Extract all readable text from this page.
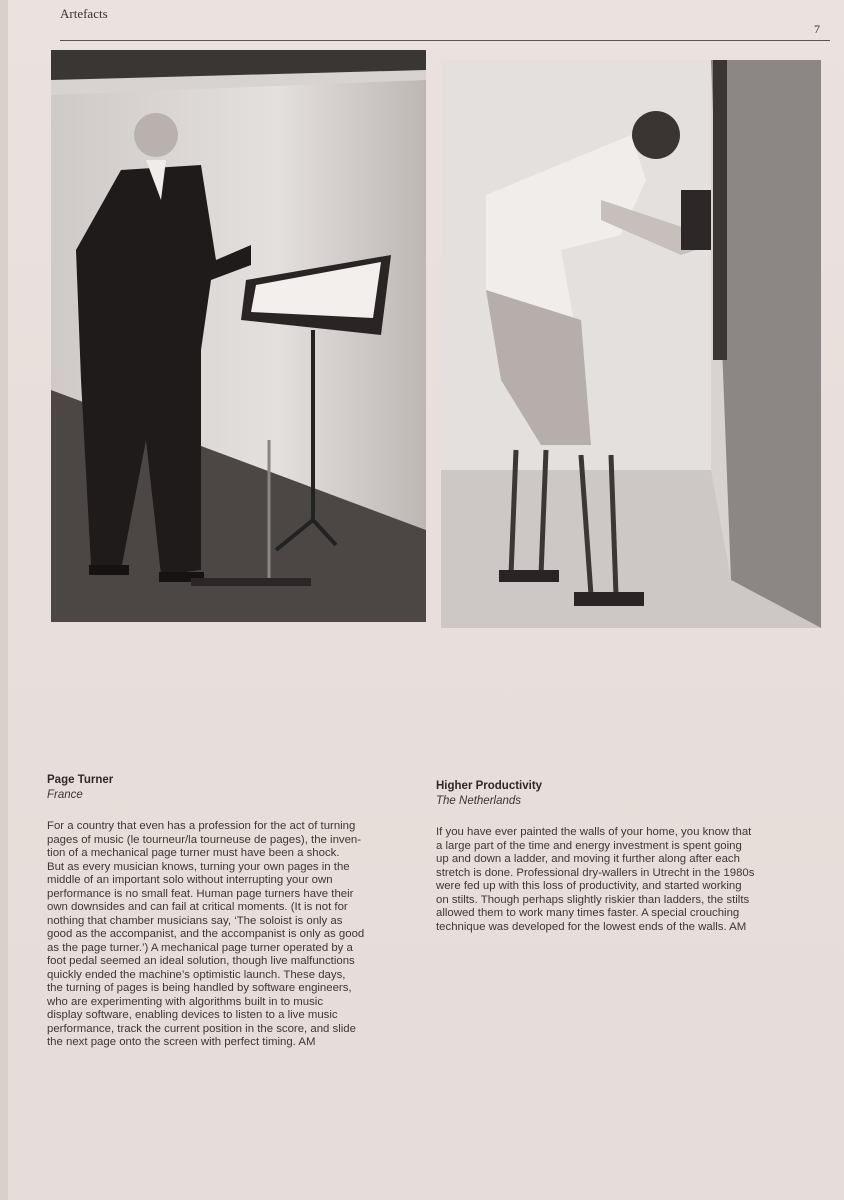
Artefacts
7
Page Turner
France
For a country that even has a profession for the act of turning
pages of music (le tourneur/la tourneuse de pages), the inven-
tion of a mechanical page turner must have been a shock.
But as every musician knows, turning your own pages in the
middle of an important solo without interrupting your own
performance is no small feat. Human page turners have their
own downsides and can fail at critical moments. (It is not for
nothing that chamber musicians say, ‘The soloist is only as
good as the accompanist, and the accompanist is only as good
as the page turner.’) A mechanical page turner operated by a
foot pedal seemed an ideal solution, though live malfunctions
quickly ended the machine’s optimistic launch. These days,
the turning of pages is being handled by software engineers,
who are experimenting with algorithms built in to music
display software, enabling devices to listen to a live music
performance, track the current position in the score, and slide
the next page onto the screen with perfect timing. AM
Higher Productivity
The Netherlands
If you have ever painted the walls of your home, you know that
a large part of the time and energy investment is spent going
up and down a ladder, and moving it further along after each
stretch is done. Professional dry-wallers in Utrecht in the 1980s
were fed up with this loss of productivity, and started working
on stilts. Though perhaps slightly riskier than ladders, the stilts
allowed them to work many times faster. A special crouching
technique was developed for the lowest ends of the walls. AM
